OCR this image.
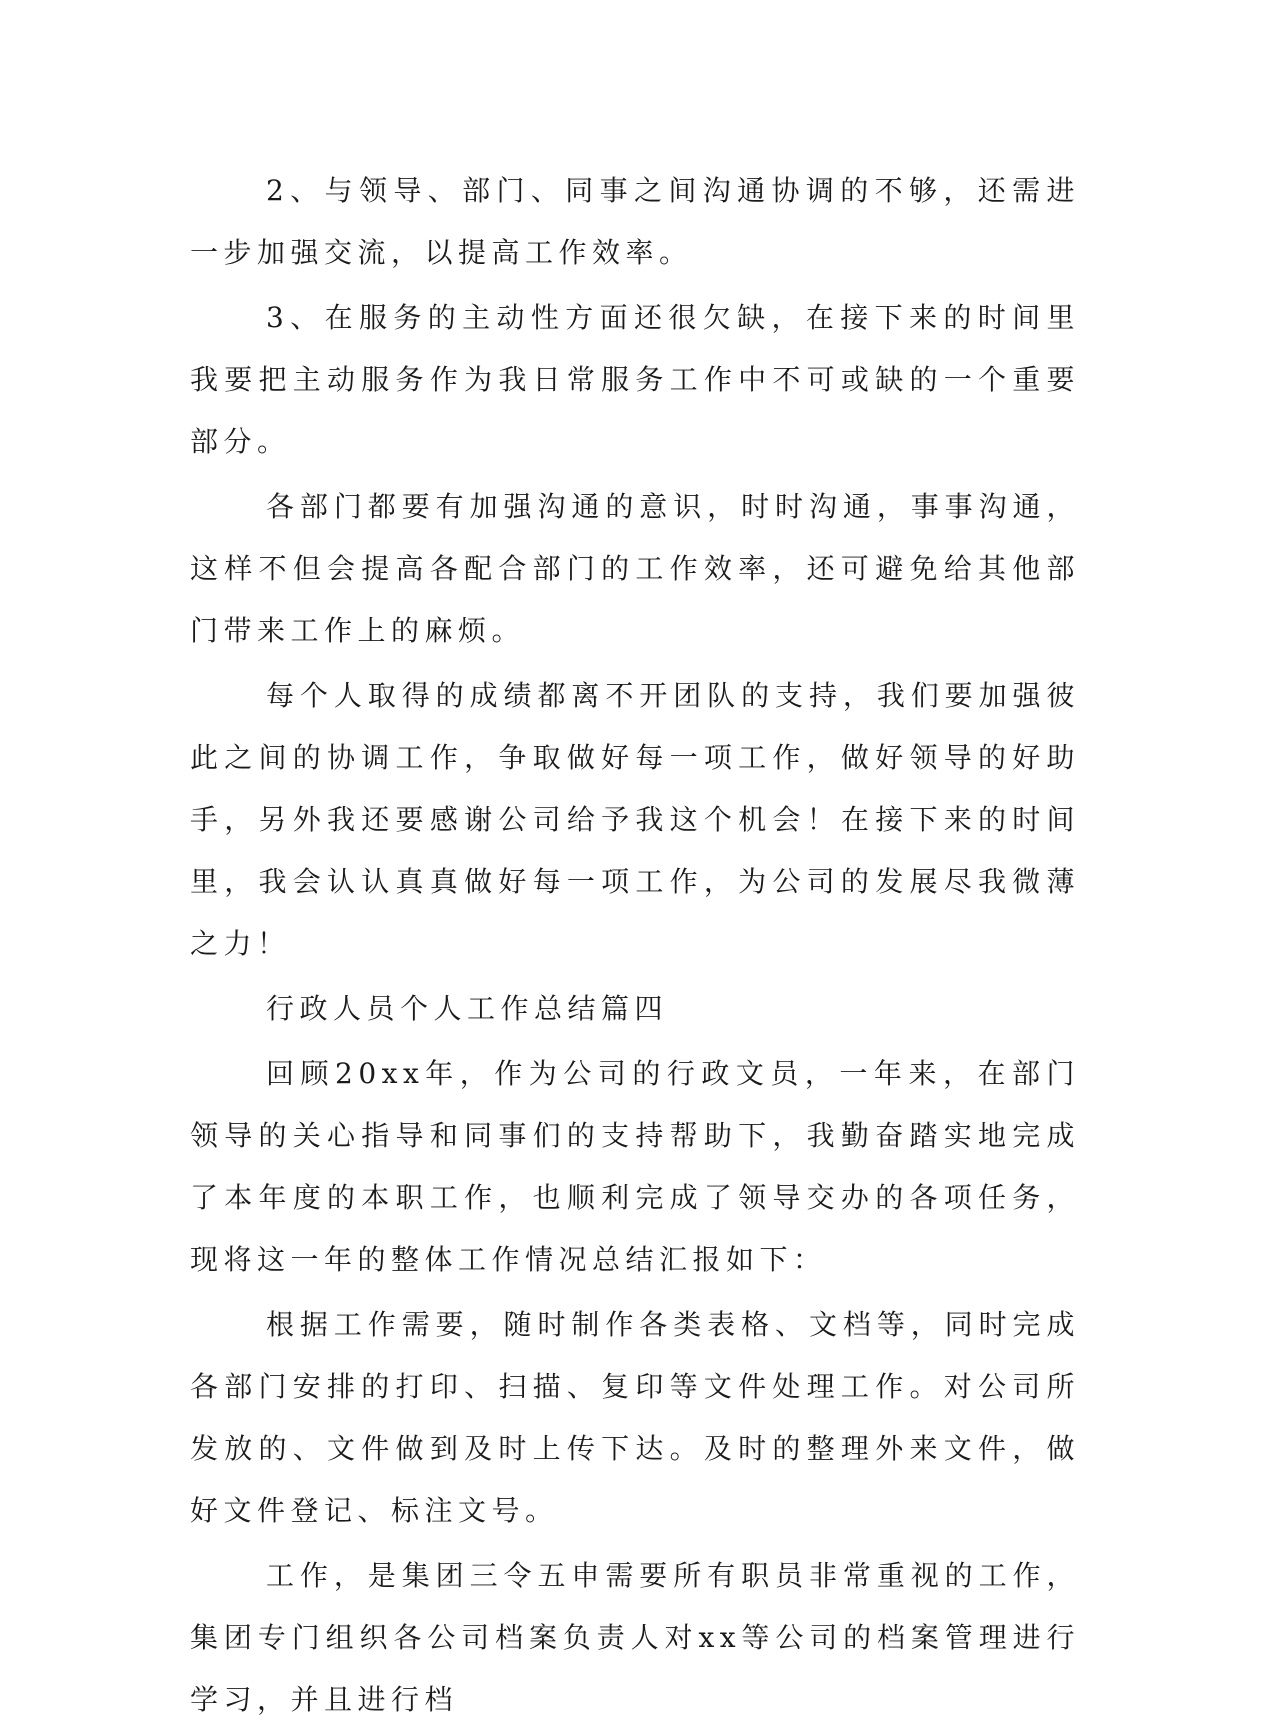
2、与领导、部门、同事之间沟通协调的不够，还需进一步加强交流，以提高工作效率。

3、在服务的主动性方面还很欠缺，在接下来的时间里我要把主动服务作为我日常服务工作中不可或缺的一个重要部分。

各部门都要有加强沟通的意识，时时沟通，事事沟通，这样不但会提高各配合部门的工作效率，还可避免给其他部门带来工作上的麻烦。

每个人取得的成绩都离不开团队的支持，我们要加强彼此之间的协调工作，争取做好每一项工作，做好领导的好助手，另外我还要感谢公司给予我这个机会！在接下来的时间里，我会认认真真做好每一项工作，为公司的发展尽我微薄之力！

行政人员个人工作总结篇四

回顾20xx年，作为公司的行政文员，一年来，在部门领导的关心指导和同事们的支持帮助下，我勤奋踏实地完成了本年度的本职工作，也顺利完成了领导交办的各项任务，现将这一年的整体工作情况总结汇报如下：

根据工作需要，随时制作各类表格、文档等，同时完成各部门安排的打印、扫描、复印等文件处理工作。对公司所发放的、文件做到及时上传下达。及时的整理外来文件，做好文件登记、标注文号。

工作，是集团三令五申需要所有职员非常重视的工作，集团专门组织各公司档案负责人对xx等公司的档案管理进行学习，并且进行档
